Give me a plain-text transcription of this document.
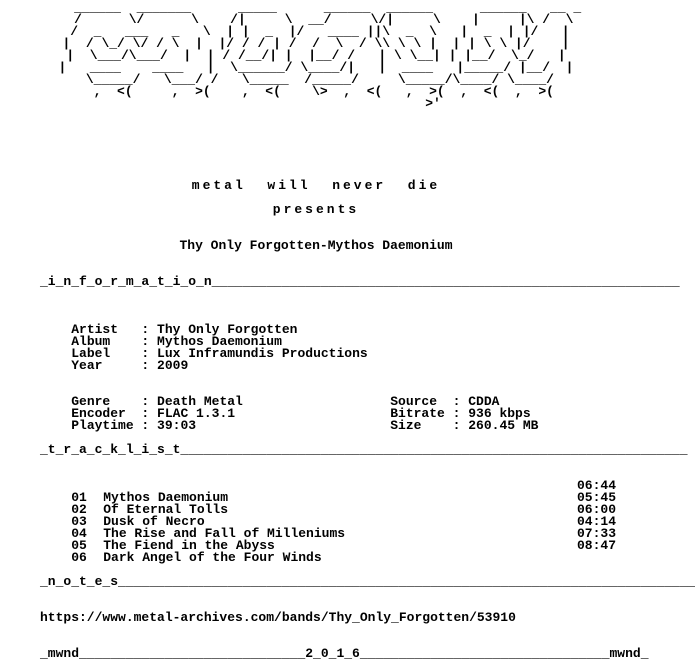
______  _______      _____      ______  ______      ______   __ _
/      \/      \    /|     \  __/     \/|     \    |     |\ /  \
/  _   ___   _   \  | |  _  |/   ____ ||\  _  \   |  _  | |/   |
|  / \_/ \/ / \  |  |/ / / | /  /  \  / \\ \ \ |  | | \ \ |/    |
|  \___/\___/  |  | / /__/| |  |__/ /   | \ \__| | |__/  \_/   |
|   ____    ____   |  \______/ \____/|   |  ____   |_____/ |__/  |
\_____/   \___/ /   \_____  /_____/     \_____/\____/ \____/
,  <(     ,  >(    ,  <(    \>  ,  <(   ,  >(  ,  <(  ,  >(
>'
metal  will  never  die
presents
Thy Only Forgotten-Mythos Daemonium
_i_n_f_o_r_m_a_t_i_o_n____________________________________________________________

Artist   : Thy Only Forgotten

Album    : Mythos Daemonium

Label    : Lux Inframundis Productions

Year     : 2009

Genre    : Death Metal

Encoder  : FLAC 1.3.1

Playtime : 39:03

Source  : CDDA

Bitrate : 936 kbps

Size    : 260.45 MB

_t_r_a_c_k_l_i_s_t_________________________________________________________________

01 Mythos Daemonium
06:44

02 Of Eternal Tolls
05:45

03 Dusk of Necro
06:00

04 The Rise and Fall of Milleniums
04:14

05 The Fiend in the Abyss
07:33

06 Dark Angel of the Four Winds
08:47

_n_o_t_e_s__________________________________________________________________________
https://www.metal-archives.com/bands/Thy_Only_Forgotten/53910
_mwnd_____________________________2_0_1_6________________________________mwnd_
